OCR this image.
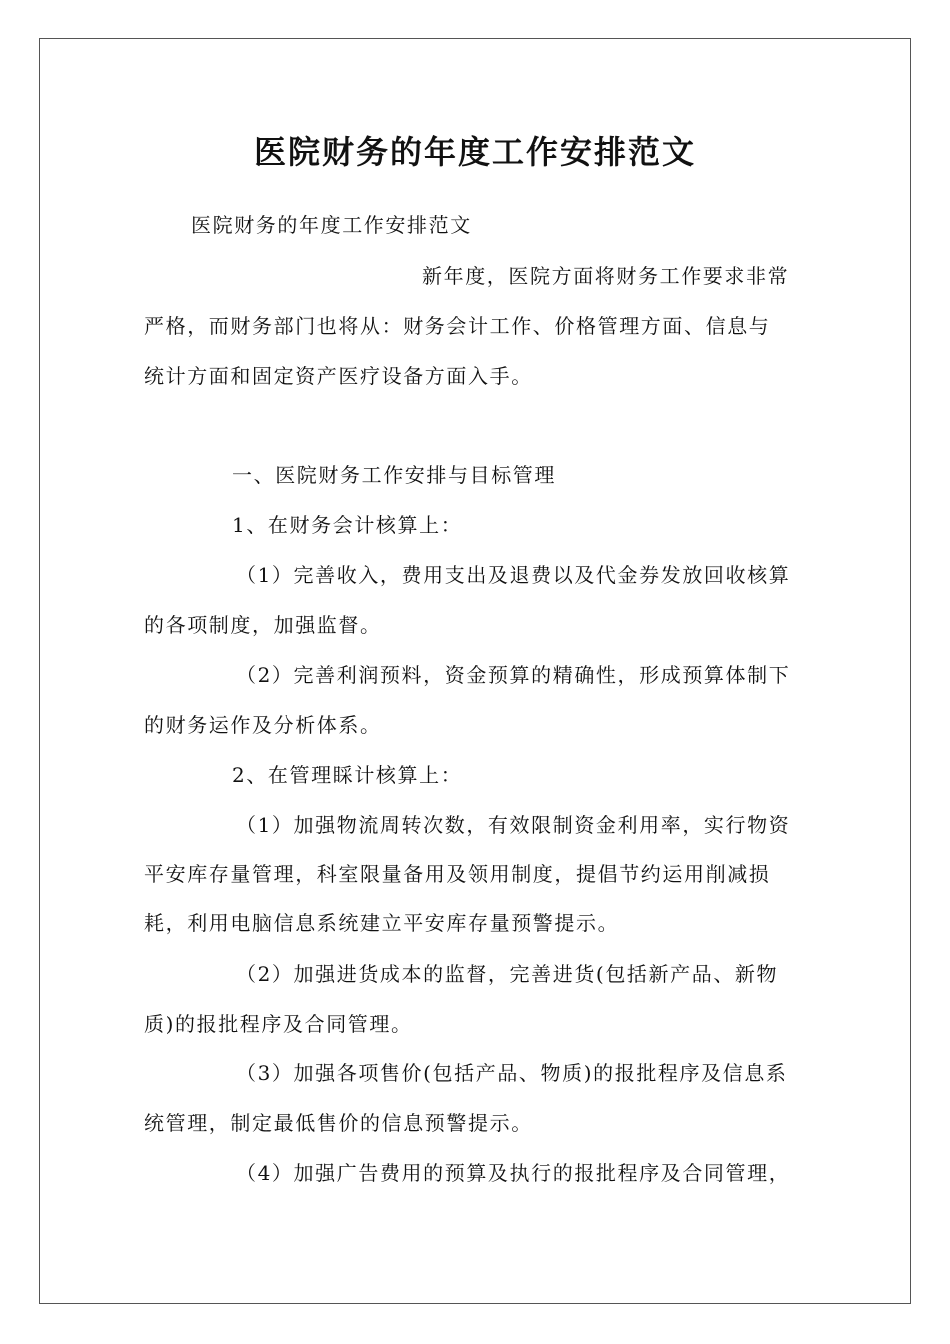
医院财务的年度工作安排范文

医院财务的年度工作安排范文

新年度，医院方面将财务工作要求非常

严格，而财务部门也将从：财务会计工作、价格管理方面、信息与

统计方面和固定资产医疗设备方面入手。

一、医院财务工作安排与目标管理

1、在财务会计核算上：

（1）完善收入，费用支出及退费以及代金券发放回收核算

的各项制度，加强监督。

（2）完善利润预料，资金预算的精确性，形成预算体制下

的财务运作及分析体系。

2、在管理睬计核算上：

（1）加强物流周转次数，有效限制资金利用率，实行物资

平安库存量管理，科室限量备用及领用制度，提倡节约运用削减损

耗，利用电脑信息系统建立平安库存量预警提示。

（2）加强进货成本的监督，完善进货(包括新产品、新物

质)的报批程序及合同管理。

（3）加强各项售价(包括产品、物质)的报批程序及信息系

统管理，制定最低售价的信息预警提示。

（4）加强广告费用的预算及执行的报批程序及合同管理，
